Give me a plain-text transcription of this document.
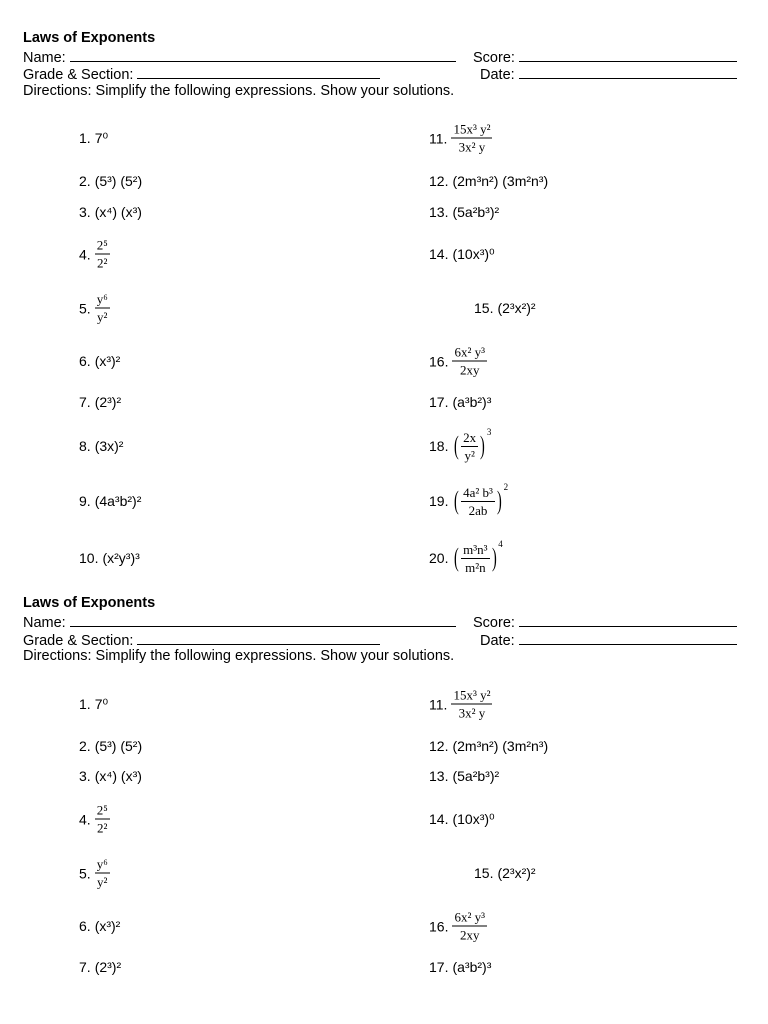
Laws of Exponents
Name:	Score:
Grade & Section:	Date:
Directions: Simplify the following expressions. Show your solutions.
1. 7⁰
2. (5³) (5²)
3. (x⁴) (x³)
4. $\frac{\text{2⁵}}{\text{2²}}$
5. $\frac{\text{y⁶}}{\text{y²}}$
6. (x³)²
7. (2³)²
8. (3x)²
9. (4a³b²)²
10. (x²y³)³
11. $\frac{\text{15x³ y²}}{\text{3x² y}}$
12. (2m³n²) (3m²n³)
13. (5a²b³)²
14. (10x³)⁰
15. (2³x²)²
16. $\frac{\text{6x² y³}}{2xy}$
17. (a³b²)³
18. ( $\frac{2x}{\text{y²}}$ ) 3
19. ( $\frac{\text{4a² b³}}{2ab}$ ) 2
20. ( $\frac{\text{m³n³}}{\text{m²n}}$ ) 4
Laws of Exponents
Name:	Score:
Grade & Section:	Date:
Directions: Simplify the following expressions. Show your solutions.
1. 7⁰
2. (5³) (5²)
3. (x⁴) (x³)
4. $\frac{\text{2⁵}}{\text{2²}}$
5. $\frac{\text{y⁶}}{\text{y²}}$
6. (x³)²
7. (2³)²
11. $\frac{\text{15x³ y²}}{\text{3x² y}}$
12. (2m³n²) (3m²n³)
13. (5a²b³)²
14. (10x³)⁰
15. (2³x²)²
16. $\frac{\text{6x² y³}}{2xy}$
17. (a³b²)³
